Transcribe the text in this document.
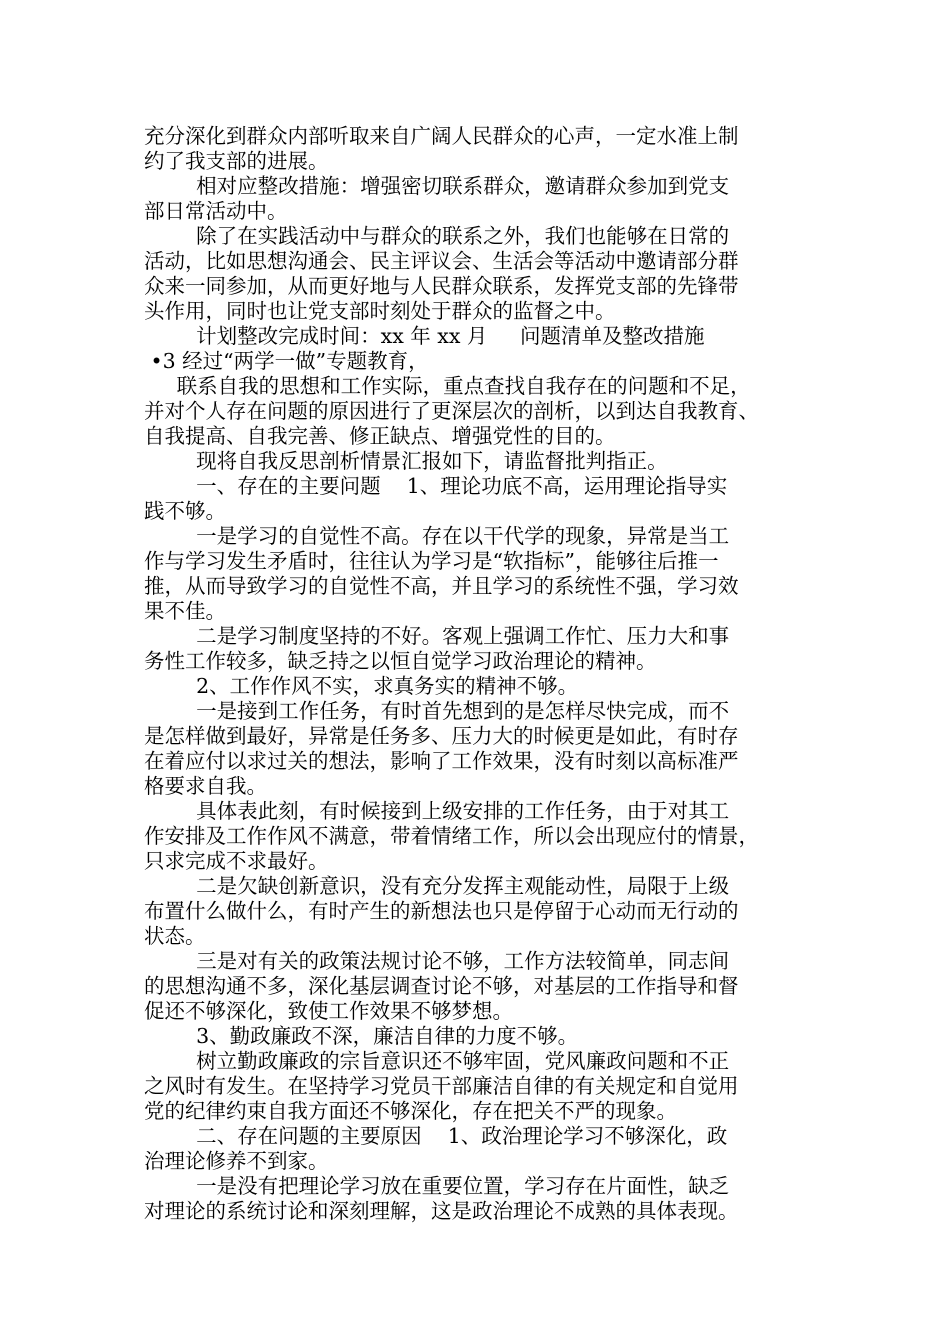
充分深化到群众内部听取来自广阔人民群众的心声，一定水准上制
约了我支部的进展。
相对应整改措施：增强密切联系群众，邀请群众参加到党支
部日常活动中。
除了在实践活动中与群众的联系之外，我们也能够在日常的
活动，比如思想沟通会、民主评议会、生活会等活动中邀请部分群
众来一同参加，从而更好地与人民群众联系，发挥党支部的先锋带
头作用，同时也让党支部时刻处于群众的监督之中。
计划整改完成时间：xx 年 xx 月     问题清单及整改措施
•3 经过“两学一做”专题教育，
联系自我的思想和工作实际，重点查找自我存在的问题和不足，
并对个人存在问题的原因进行了更深层次的剖析，以到达自我教育、
自我提高、自我完善、修正缺点、增强党性的目的。
现将自我反思剖析情景汇报如下，请监督批判指正。
一、存在的主要问题    1、理论功底不高，运用理论指导实
践不够。
一是学习的自觉性不高。存在以干代学的现象，异常是当工
作与学习发生矛盾时，往往认为学习是“软指标”，能够往后推一
推，从而导致学习的自觉性不高，并且学习的系统性不强，学习效
果不佳。
二是学习制度坚持的不好。客观上强调工作忙、压力大和事
务性工作较多，缺乏持之以恒自觉学习政治理论的精神。
2、工作作风不实，求真务实的精神不够。
一是接到工作任务，有时首先想到的是怎样尽快完成，而不
是怎样做到最好，异常是任务多、压力大的时候更是如此，有时存
在着应付以求过关的想法，影响了工作效果，没有时刻以高标准严
格要求自我。
具体表此刻，有时候接到上级安排的工作任务，由于对其工
作安排及工作作风不满意，带着情绪工作，所以会出现应付的情景，
只求完成不求最好。
二是欠缺创新意识，没有充分发挥主观能动性，局限于上级
布置什么做什么，有时产生的新想法也只是停留于心动而无行动的
状态。
三是对有关的政策法规讨论不够，工作方法较简单，同志间
的思想沟通不多，深化基层调查讨论不够，对基层的工作指导和督
促还不够深化，致使工作效果不够梦想。
3、勤政廉政不深，廉洁自律的力度不够。
树立勤政廉政的宗旨意识还不够牢固，党风廉政问题和不正
之风时有发生。在坚持学习党员干部廉洁自律的有关规定和自觉用
党的纪律约束自我方面还不够深化，存在把关不严的现象。
二、存在问题的主要原因    1、政治理论学习不够深化，政
治理论修养不到家。
一是没有把理论学习放在重要位置，学习存在片面性，缺乏
对理论的系统讨论和深刻理解，这是政治理论不成熟的具体表现。
